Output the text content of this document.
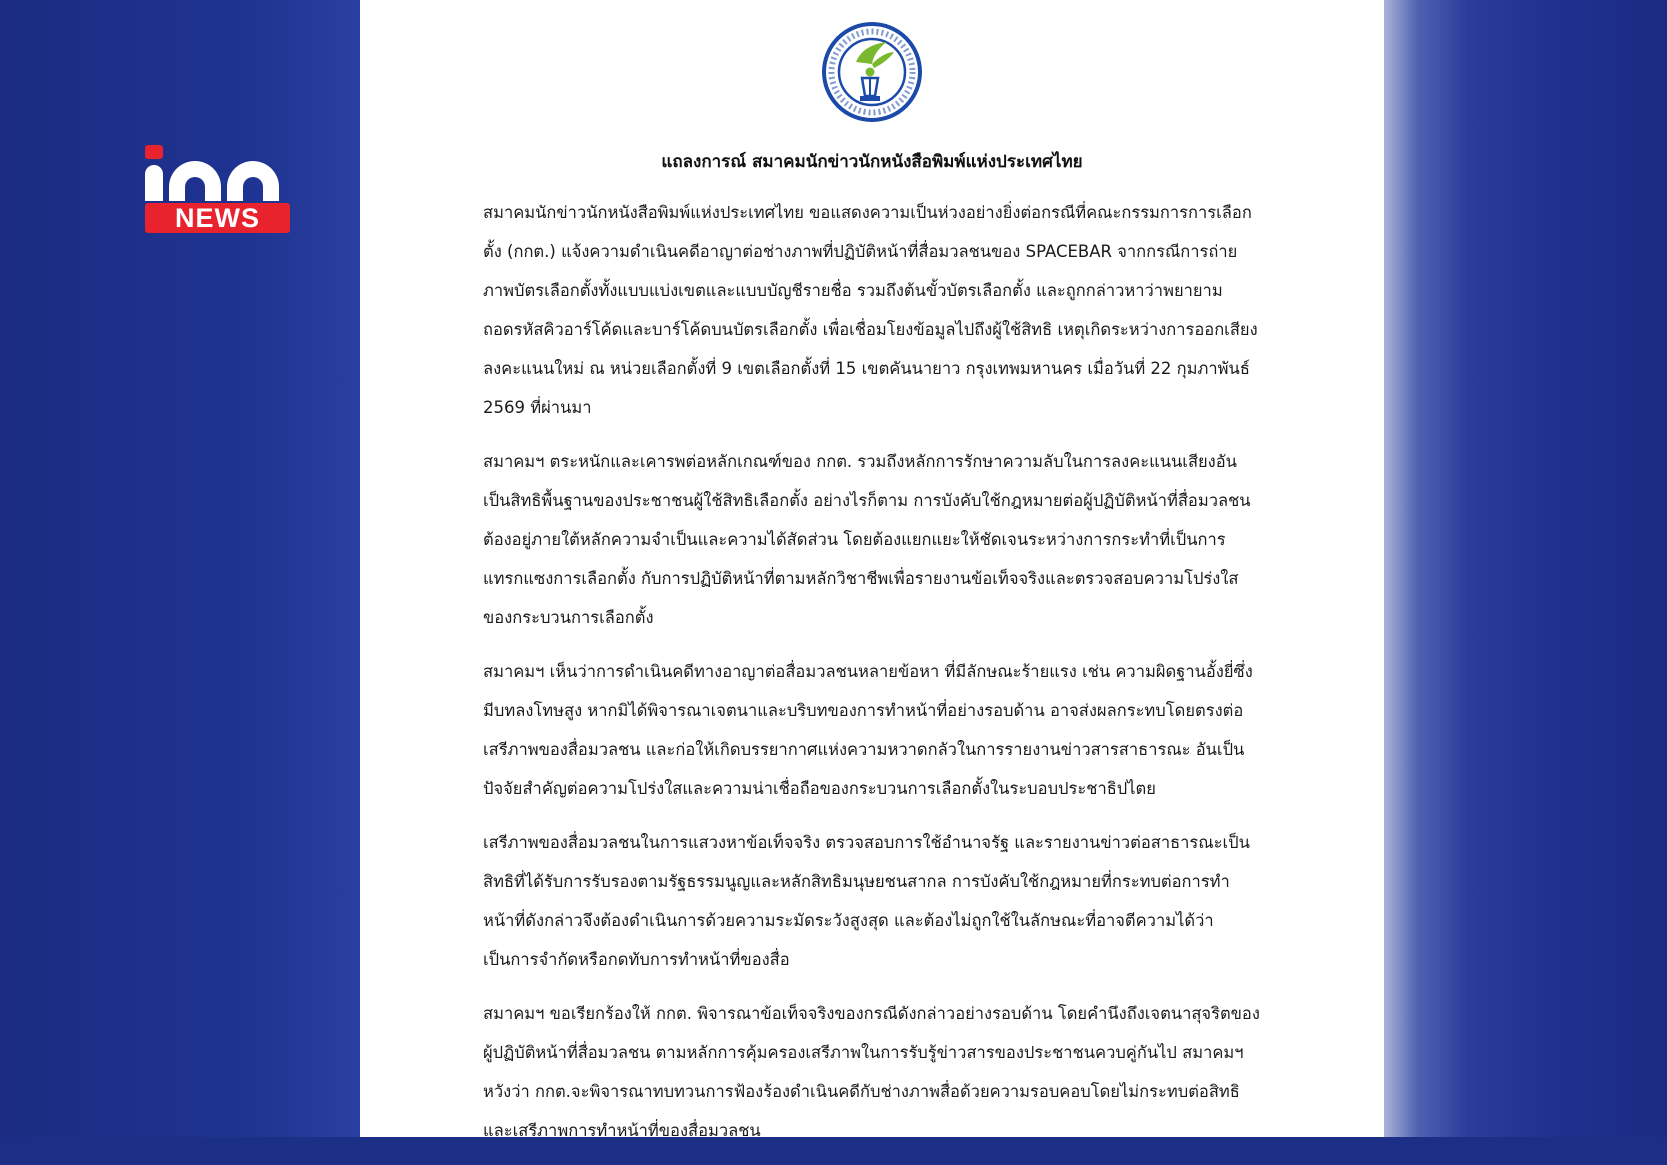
NEWS
แถลงการณ์ สมาคมนักข่าวนักหนังสือพิมพ์แห่งประเทศไทย

สมาคมนักข่าวนักหนังสือพิมพ์แห่งประเทศไทย ขอแสดงความเป็นห่วงอย่างยิ่งต่อกรณีที่คณะกรรมการการเลือกตั้ง (กกต.) แจ้งความดำเนินคดีอาญาต่อช่างภาพที่ปฏิบัติหน้าที่สื่อมวลชนของ SPACEBAR จากกรณีการถ่ายภาพบัตรเลือกตั้งทั้งแบบแบ่งเขตและแบบบัญชีรายชื่อ รวมถึงต้นขั้วบัตรเลือกตั้ง และถูกกล่าวหาว่าพยายามถอดรหัสคิวอาร์โค้ดและบาร์โค้ดบนบัตรเลือกตั้ง เพื่อเชื่อมโยงข้อมูลไปถึงผู้ใช้สิทธิ เหตุเกิดระหว่างการออกเสียงลงคะแนนใหม่ ณ หน่วยเลือกตั้งที่ 9 เขตเลือกตั้งที่ 15 เขตคันนายาว กรุงเทพมหานคร เมื่อวันที่ 22 กุมภาพันธ์ 2569 ที่ผ่านมา

สมาคมฯ ตระหนักและเคารพต่อหลักเกณฑ์ของ กกต. รวมถึงหลักการรักษาความลับในการลงคะแนนเสียงอันเป็นสิทธิพื้นฐานของประชาชนผู้ใช้สิทธิเลือกตั้ง อย่างไรก็ตาม การบังคับใช้กฎหมายต่อผู้ปฏิบัติหน้าที่สื่อมวลชนต้องอยู่ภายใต้หลักความจำเป็นและความได้สัดส่วน โดยต้องแยกแยะให้ชัดเจนระหว่างการกระทำที่เป็นการแทรกแซงการเลือกตั้ง กับการปฏิบัติหน้าที่ตามหลักวิชาชีพเพื่อรายงานข้อเท็จจริงและตรวจสอบความโปร่งใสของกระบวนการเลือกตั้ง

สมาคมฯ เห็นว่าการดำเนินคดีทางอาญาต่อสื่อมวลชนหลายข้อหา ที่มีลักษณะร้ายแรง เช่น ความผิดฐานอั้งยี่ซึ่งมีบทลงโทษสูง หากมิได้พิจารณาเจตนาและบริบทของการทำหน้าที่อย่างรอบด้าน อาจส่งผลกระทบโดยตรงต่อเสรีภาพของสื่อมวลชน และก่อให้เกิดบรรยากาศแห่งความหวาดกลัวในการรายงานข่าวสารสาธารณะ อันเป็นปัจจัยสำคัญต่อความโปร่งใสและความน่าเชื่อถือของกระบวนการเลือกตั้งในระบอบประชาธิปไตย

เสรีภาพของสื่อมวลชนในการแสวงหาข้อเท็จจริง ตรวจสอบการใช้อำนาจรัฐ และรายงานข่าวต่อสาธารณะเป็นสิทธิที่ได้รับการรับรองตามรัฐธรรมนูญและหลักสิทธิมนุษยชนสากล การบังคับใช้กฎหมายที่กระทบต่อการทำหน้าที่ดังกล่าวจึงต้องดำเนินการด้วยความระมัดระวังสูงสุด และต้องไม่ถูกใช้ในลักษณะที่อาจตีความได้ว่าเป็นการจำกัดหรือกดทับการทำหน้าที่ของสื่อ

สมาคมฯ ขอเรียกร้องให้ กกต. พิจารณาข้อเท็จจริงของกรณีดังกล่าวอย่างรอบด้าน โดยคำนึงถึงเจตนาสุจริตของผู้ปฏิบัติหน้าที่สื่อมวลชน ตามหลักการคุ้มครองเสรีภาพในการรับรู้ข่าวสารของประชาชนควบคู่กันไป สมาคมฯหวังว่า กกต.จะพิจารณาทบทวนการฟ้องร้องดำเนินคดีกับช่างภาพสื่อด้วยความรอบคอบโดยไม่กระทบต่อสิทธิและเสรีภาพการทำหน้าที่ของสื่อมวลชน
